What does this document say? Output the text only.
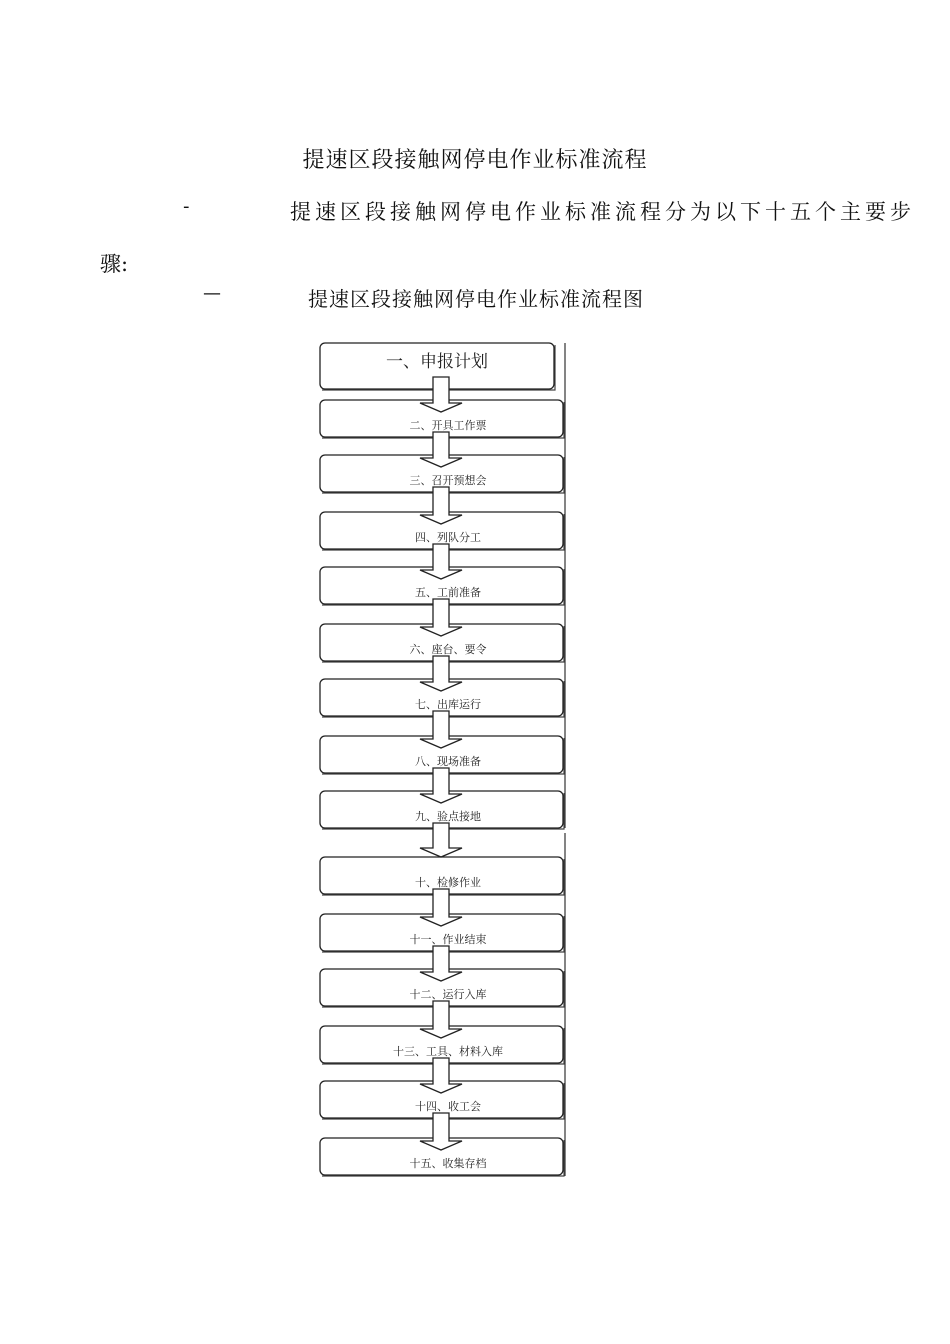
提速区段接触网停电作业标准流程
-	提速区段接触网停电作业标准流程分为以下十五个主要步
骤:
—	提速区段接触网停电作业标准流程图
一、申报计划
二、开具工作票
三、召开预想会
四、列队分工
五、工前准备
六、座台、要令
七、出库运行
八、现场准备
九、验点接地
十、检修作业
十一、作业结束
十二、运行入库
十三、工具、材料入库
十四、收工会
十五、收集存档
